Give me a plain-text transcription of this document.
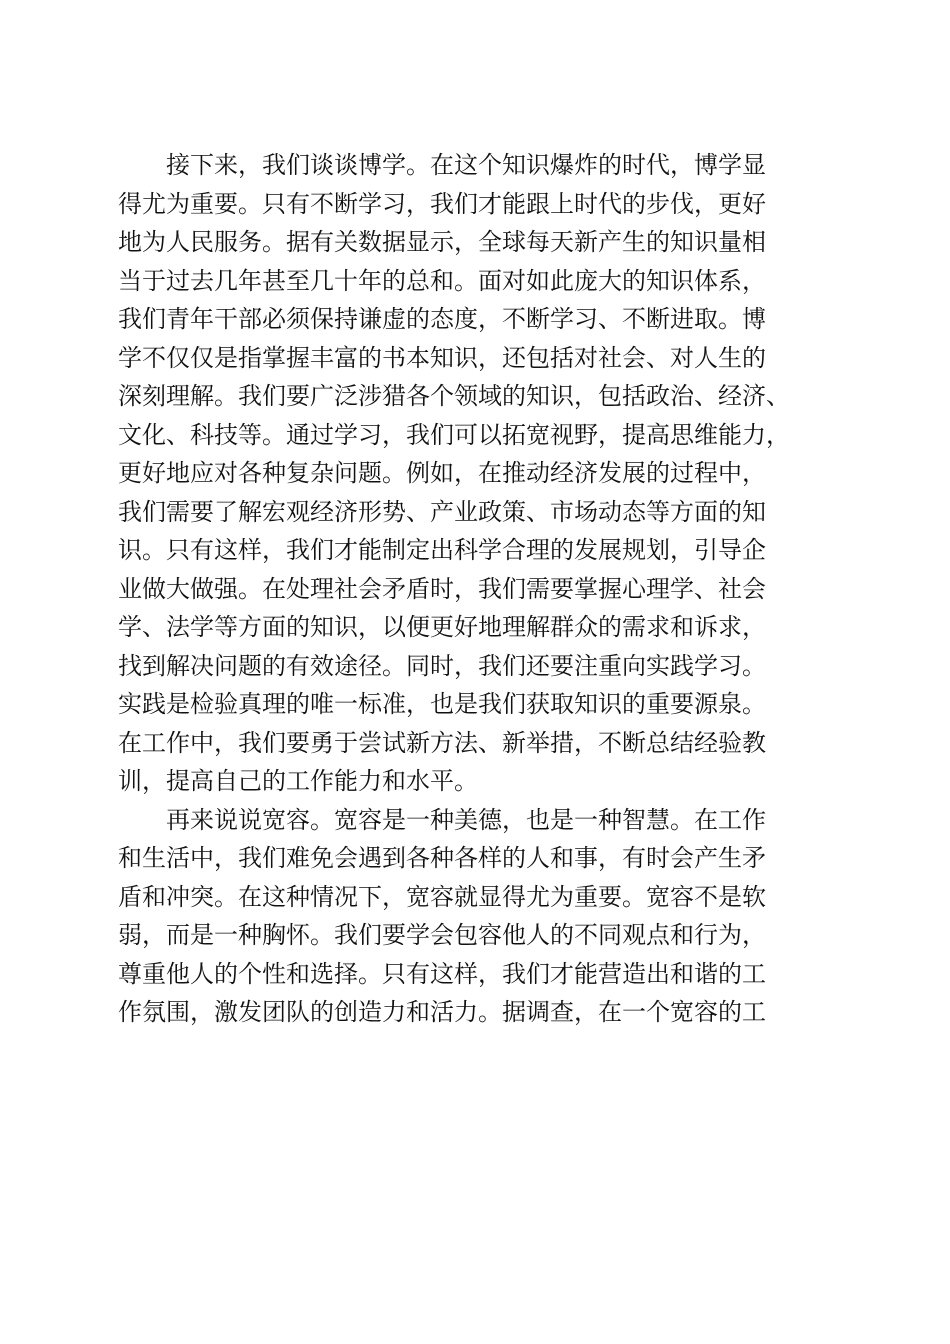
接下来，我们谈谈博学。在这个知识爆炸的时代，博学显
得尤为重要。只有不断学习，我们才能跟上时代的步伐，更好
地为人民服务。据有关数据显示，全球每天新产生的知识量相
当于过去几年甚至几十年的总和。面对如此庞大的知识体系，
我们青年干部必须保持谦虚的态度，不断学习、不断进取。博
学不仅仅是指掌握丰富的书本知识，还包括对社会、对人生的
深刻理解。我们要广泛涉猎各个领域的知识，包括政治、经济、
文化、科技等。通过学习，我们可以拓宽视野，提高思维能力，
更好地应对各种复杂问题。例如，在推动经济发展的过程中，
我们需要了解宏观经济形势、产业政策、市场动态等方面的知
识。只有这样，我们才能制定出科学合理的发展规划，引导企
业做大做强。在处理社会矛盾时，我们需要掌握心理学、社会
学、法学等方面的知识，以便更好地理解群众的需求和诉求，
找到解决问题的有效途径。同时，我们还要注重向实践学习。
实践是检验真理的唯一标准，也是我们获取知识的重要源泉。
在工作中，我们要勇于尝试新方法、新举措，不断总结经验教
训，提高自己的工作能力和水平。
再来说说宽容。宽容是一种美德，也是一种智慧。在工作
和生活中，我们难免会遇到各种各样的人和事，有时会产生矛
盾和冲突。在这种情况下，宽容就显得尤为重要。宽容不是软
弱，而是一种胸怀。我们要学会包容他人的不同观点和行为，
尊重他人的个性和选择。只有这样，我们才能营造出和谐的工
作氛围，激发团队的创造力和活力。据调查，在一个宽容的工
